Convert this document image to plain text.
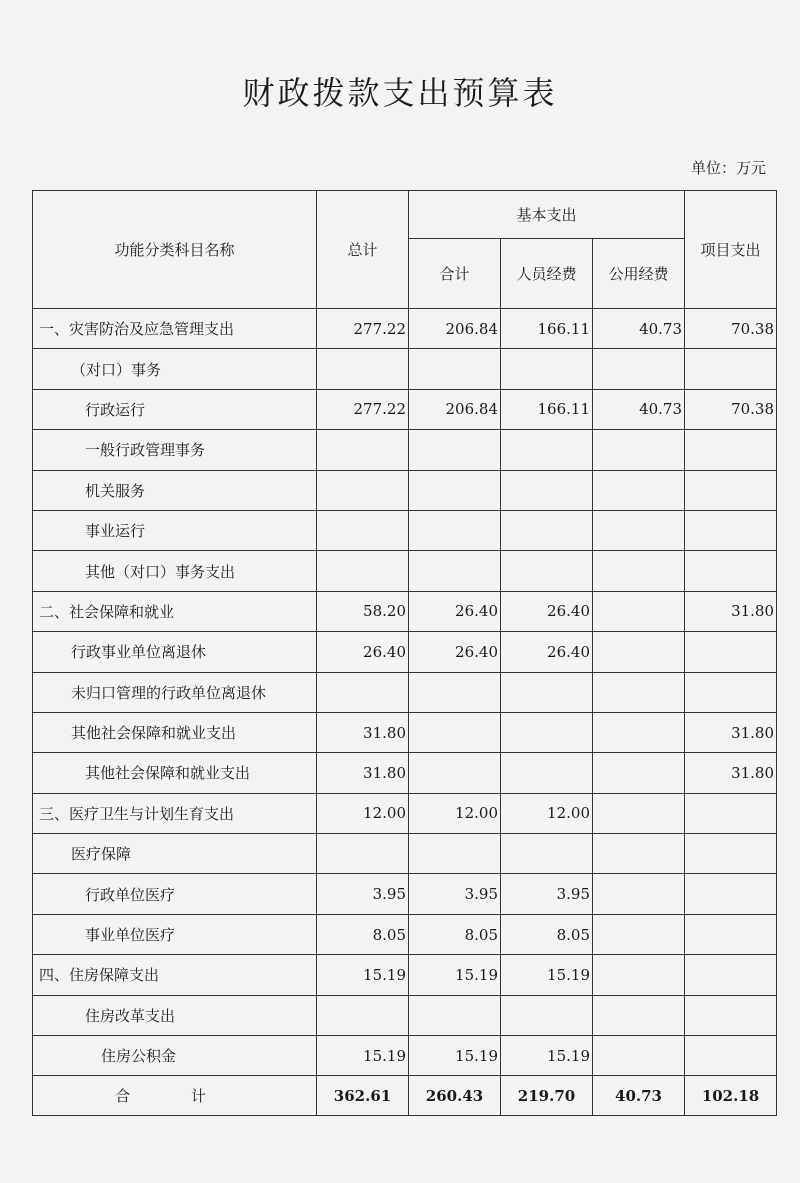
财政拨款支出预算表
单位：万元
功能分类科目名称	总计	基本支出			项目支出
		合计	人员经费	公用经费	
一、灾害防治及应急管理支出	277.22	206.84	166.11	40.73	70.38
（对口）事务					
行政运行	277.22	206.84	166.11	40.73	70.38
一般行政管理事务					
机关服务					
事业运行					
其他（对口）事务支出					
二、社会保障和就业	58.20	26.40	26.40		31.80
行政事业单位离退休	26.40	26.40	26.40		
未归口管理的行政单位离退休					
其他社会保障和就业支出	31.80				31.80
其他社会保障和就业支出	31.80				31.80
三、医疗卫生与计划生育支出	12.00	12.00	12.00		
医疗保障					
行政单位医疗	3.95	3.95	3.95		
事业单位医疗	8.05	8.05	8.05		
四、住房保障支出	15.19	15.19	15.19		
住房改革支出					
住房公积金	15.19	15.19	15.19		
合 计	362.61	260.43	219.70	40.73	102.18
